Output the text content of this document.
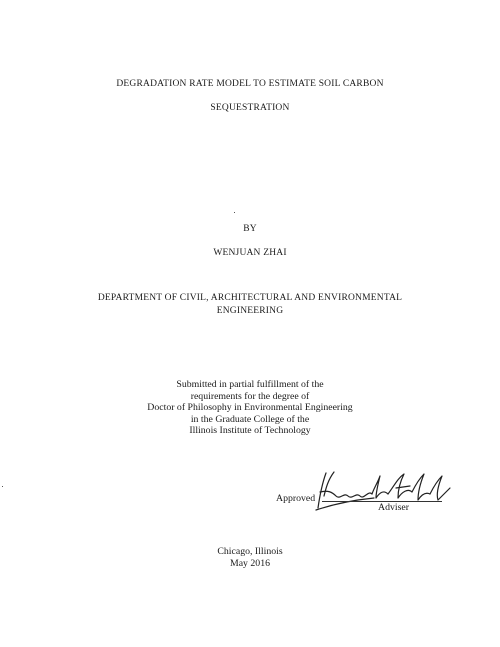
DEGRADATION RATE MODEL TO ESTIMATE SOIL CARBON
SEQUESTRATION
BY
WENJUAN ZHAI
DEPARTMENT OF CIVIL, ARCHITECTURAL AND ENVIRONMENTAL
ENGINEERING
Submitted in partial fulfillment of the
requirements for the degree of
Doctor of Philosophy in Environmental Engineering
in the Graduate College of the
Illinois Institute of Technology
Approved
Adviser
Chicago, Illinois
May 2016
